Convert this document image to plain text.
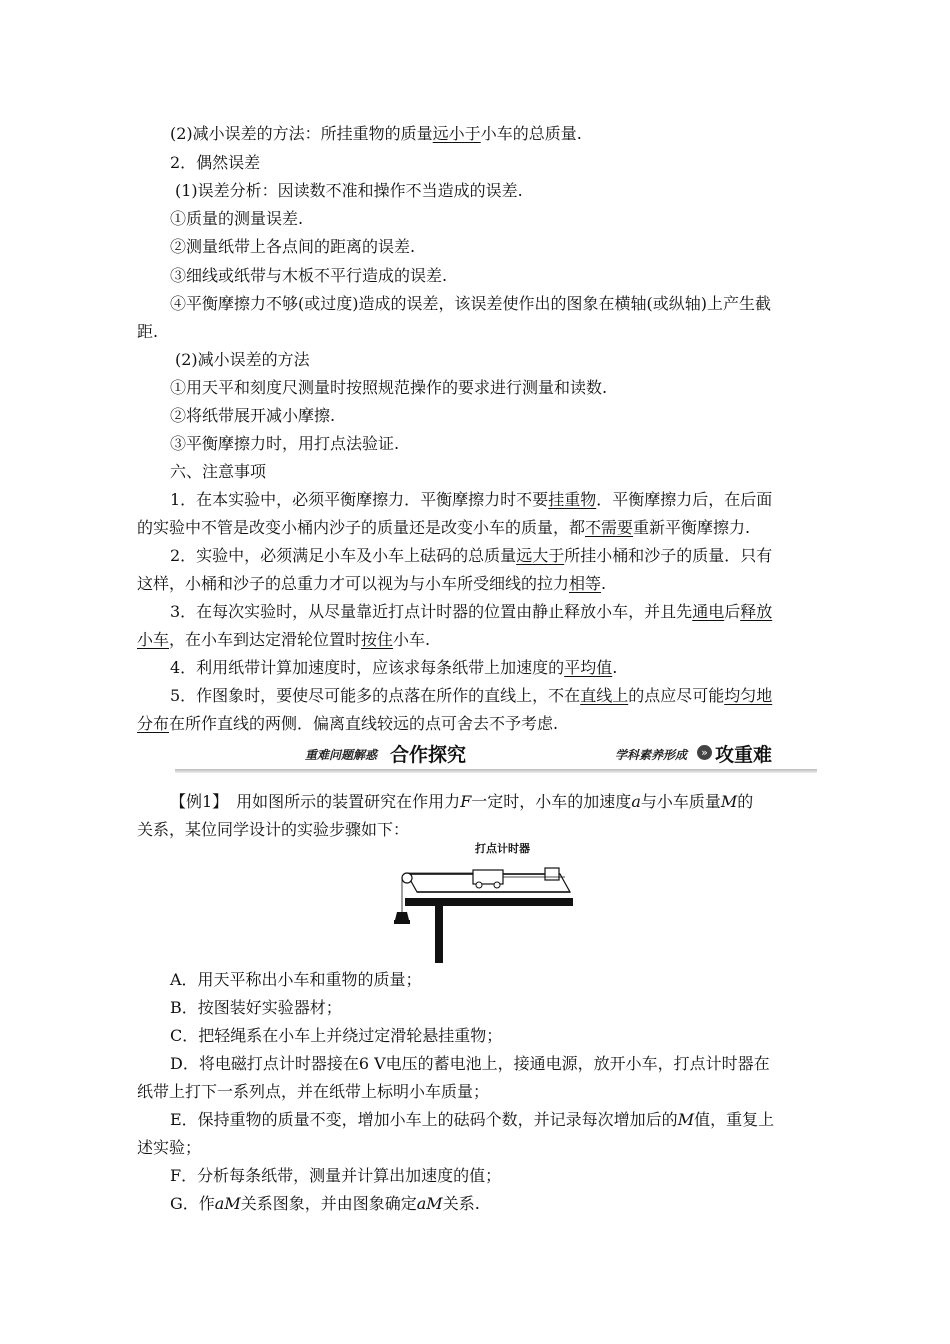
(2)减小误差的方法：所挂重物的质量远小于小车的总质量.
2．偶然误差
(1)误差分析：因读数不准和操作不当造成的误差.
①质量的测量误差.
②测量纸带上各点间的距离的误差.
③细线或纸带与木板不平行造成的误差.
④平衡摩擦力不够(或过度)造成的误差，该误差使作出的图象在横轴(或纵轴)上产生截
距.
(2)减小误差的方法
①用天平和刻度尺测量时按照规范操作的要求进行测量和读数.
②将纸带展开减小摩擦.
③平衡摩擦力时，用打点法验证.
六、注意事项
1．在本实验中，必须平衡摩擦力．平衡摩擦力时不要挂重物．平衡摩擦力后，在后面
的实验中不管是改变小桶内沙子的质量还是改变小车的质量，都不需要重新平衡摩擦力.
2．实验中，必须满足小车及小车上砝码的总质量远大于所挂小桶和沙子的质量．只有
这样，小桶和沙子的总重力才可以视为与小车所受细线的拉力相等.
3．在每次实验时，从尽量靠近打点计时器的位置由静止释放小车，并且先通电后释放
小车，在小车到达定滑轮位置时按住小车.
4．利用纸带计算加速度时，应该求每条纸带上加速度的平均值.
5．作图象时，要使尽可能多的点落在所作的直线上，不在直线上的点应尽可能均匀地
分布在所作直线的两侧．偏离直线较远的点可舍去不予考虑.
重难问题解惑 合作探究	» 攻重难
学科素养形成
【例1】　用如图所示的装置研究在作用力F一定时，小车的加速度a与小车质量M的
关系，某位同学设计的实验步骤如下：
打点计时器
A．用天平称出小车和重物的质量；
B．按图装好实验器材；
C．把轻绳系在小车上并绕过定滑轮悬挂重物；
D．将电磁打点计时器接在6 V电压的蓄电池上，接通电源，放开小车，打点计时器在
纸带上打下一系列点，并在纸带上标明小车质量；
E．保持重物的质量不变，增加小车上的砝码个数，并记录每次增加后的M值，重复上
述实验；
F．分析每条纸带，测量并计算出加速度的值；
G．作aM关系图象，并由图象确定aM关系.
